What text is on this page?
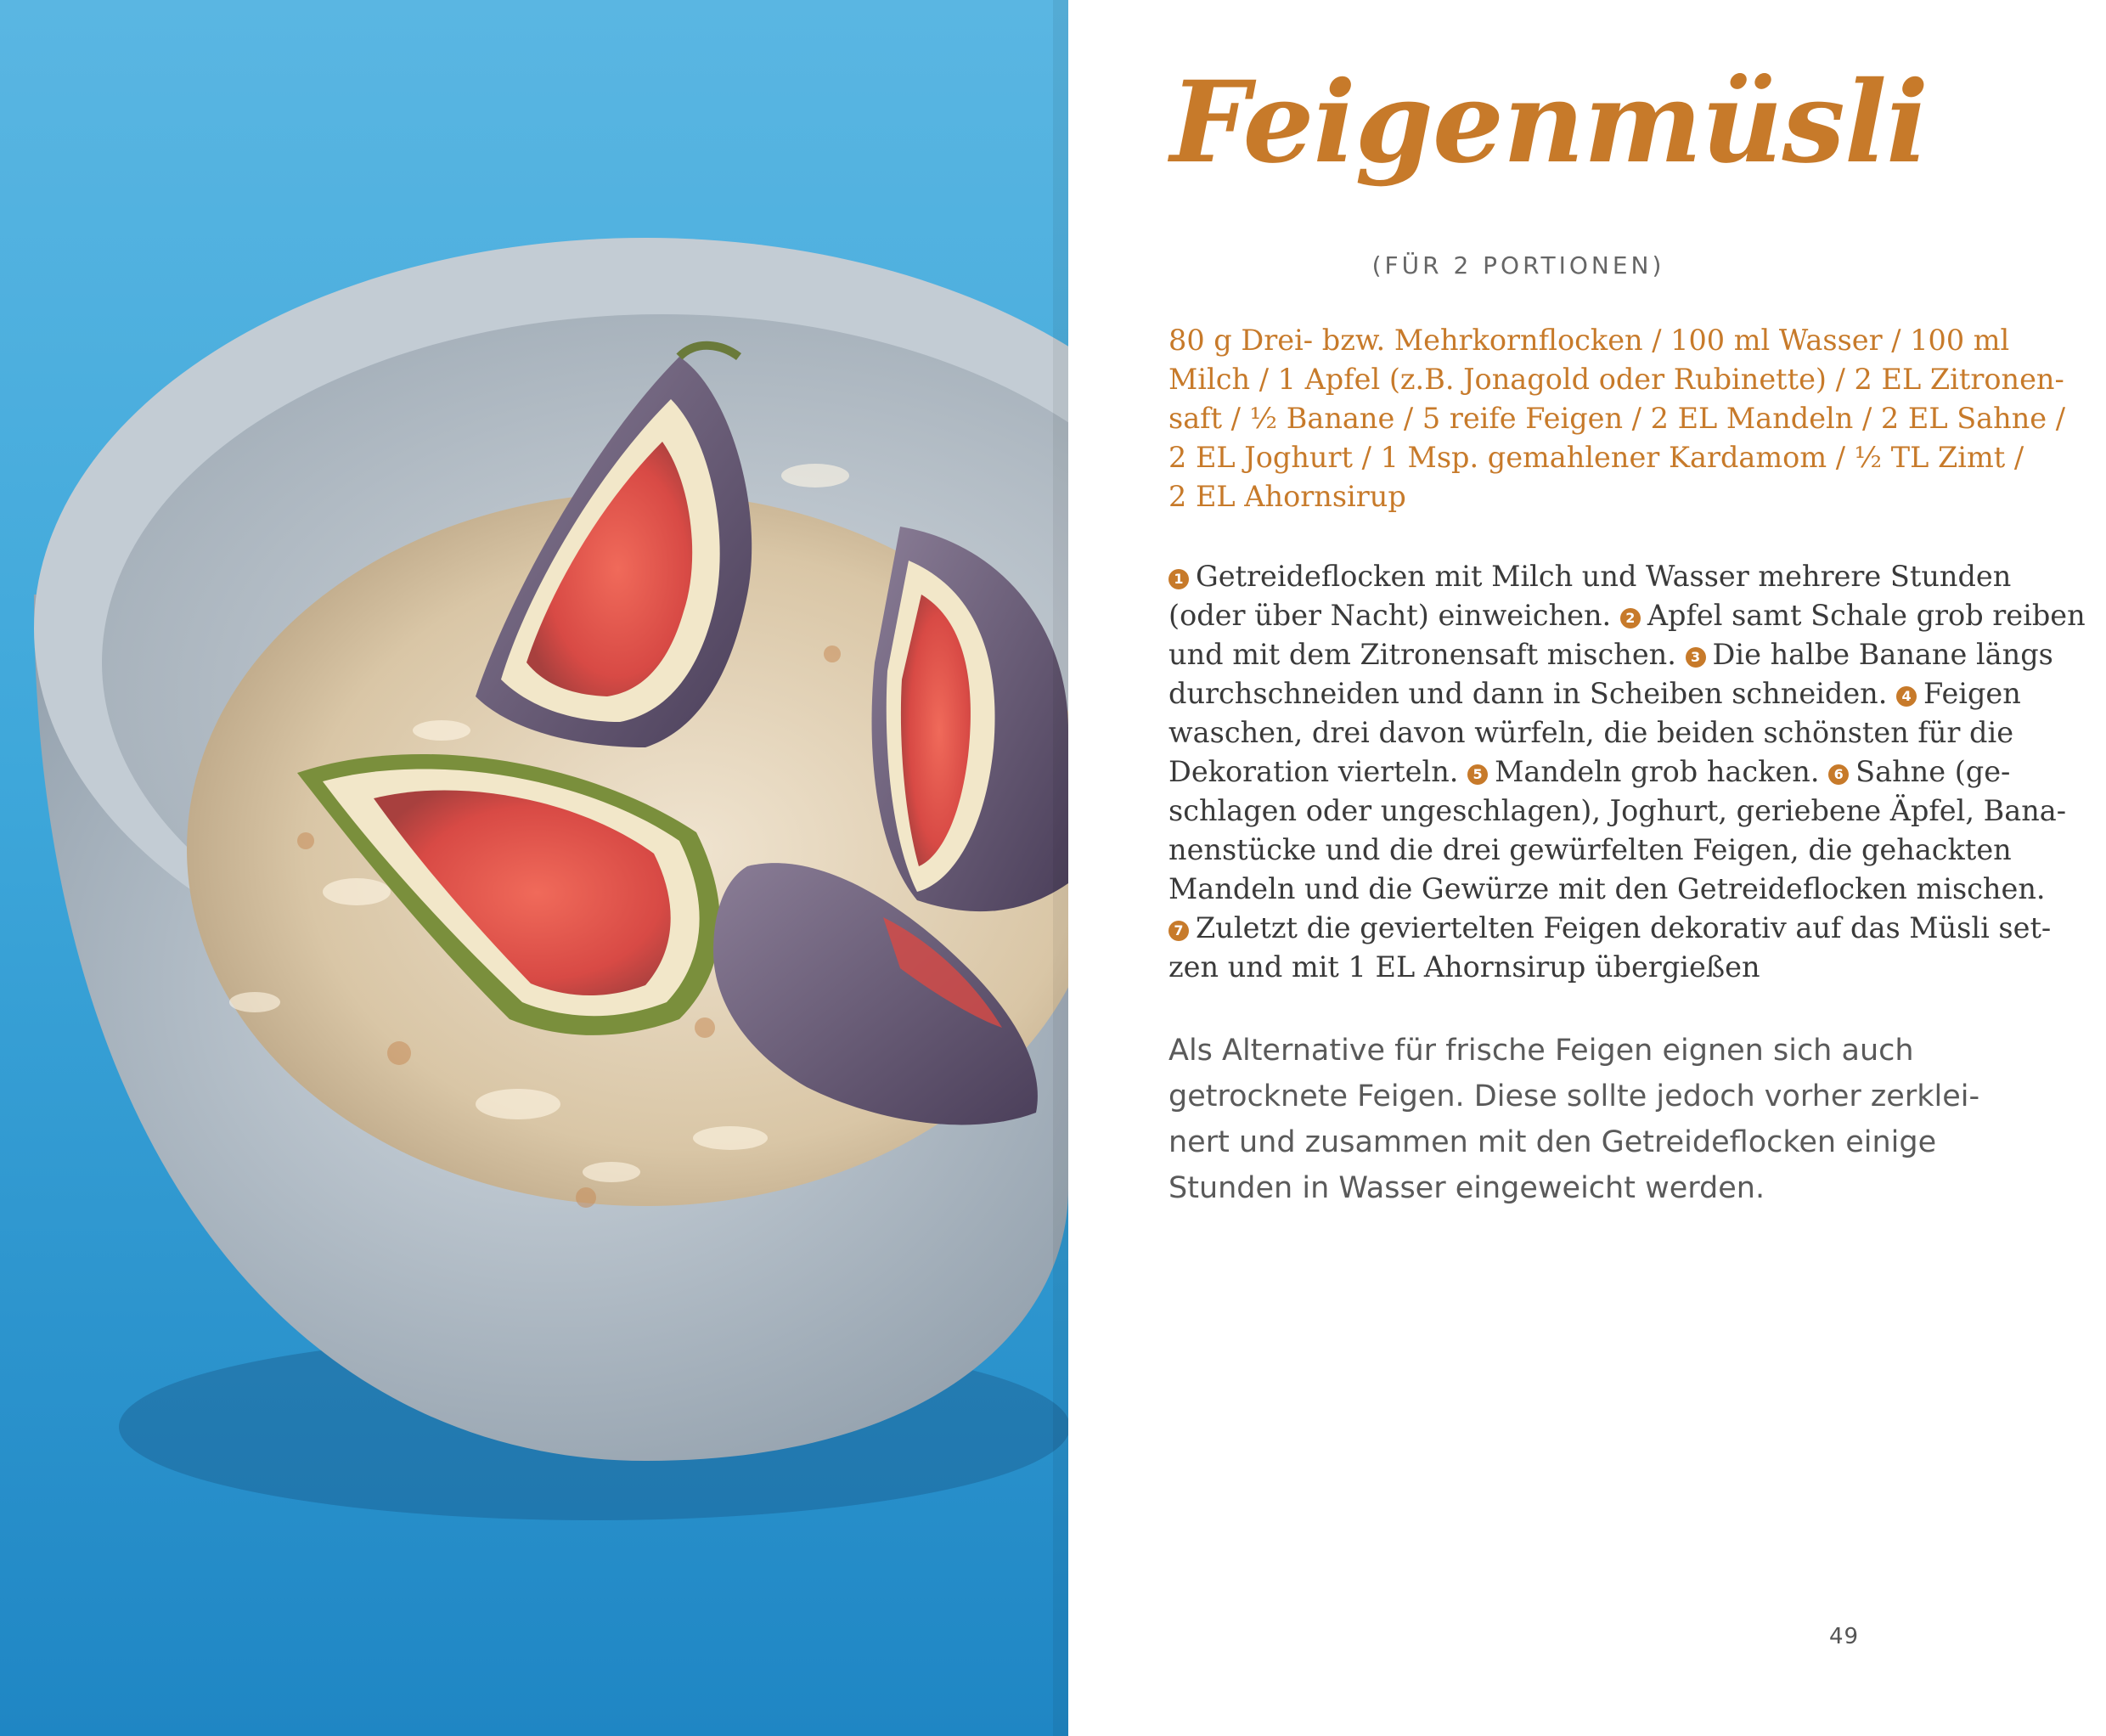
Feigenmüsli
(FÜR 2 PORTIONEN)
80 g Drei- bzw. Mehrkornflocken / 100 ml Wasser / 100 ml
Milch / 1 Apfel (z.B. Jonagold oder Rubinette) / 2 EL Zitronen-
saft / ½ Banane / 5 reife Feigen / 2 EL Mandeln / 2 EL Sahne /
2 EL Joghurt / 1 Msp. gemahlener Kardamom / ½ TL Zimt /
2 EL Ahornsirup
1 Getreideflocken mit Milch und Wasser mehrere Stunden
(oder über Nacht) einweichen. 2 Apfel samt Schale grob reiben
und mit dem Zitronensaft mischen. 3 Die halbe Banane längs
durchschneiden und dann in Scheiben schneiden. 4 Feigen
waschen, drei davon würfeln, die beiden schönsten für die
Dekoration vierteln. 5 Mandeln grob hacken. 6 Sahne (ge-
schlagen oder ungeschlagen), Joghurt, geriebene Äpfel, Bana-
nenstücke und die drei gewürfelten Feigen, die gehackten
Mandeln und die Gewürze mit den Getreideflocken mischen.
7 Zuletzt die geviertelten Feigen dekorativ auf das Müsli set-
zen und mit 1 EL Ahornsirup übergießen
Als Alternative für frische Feigen eignen sich auch
getrocknete Feigen. Diese sollte jedoch vorher zerklei-
nert und zusammen mit den Getreideflocken einige
Stunden in Wasser eingeweicht werden.
49
